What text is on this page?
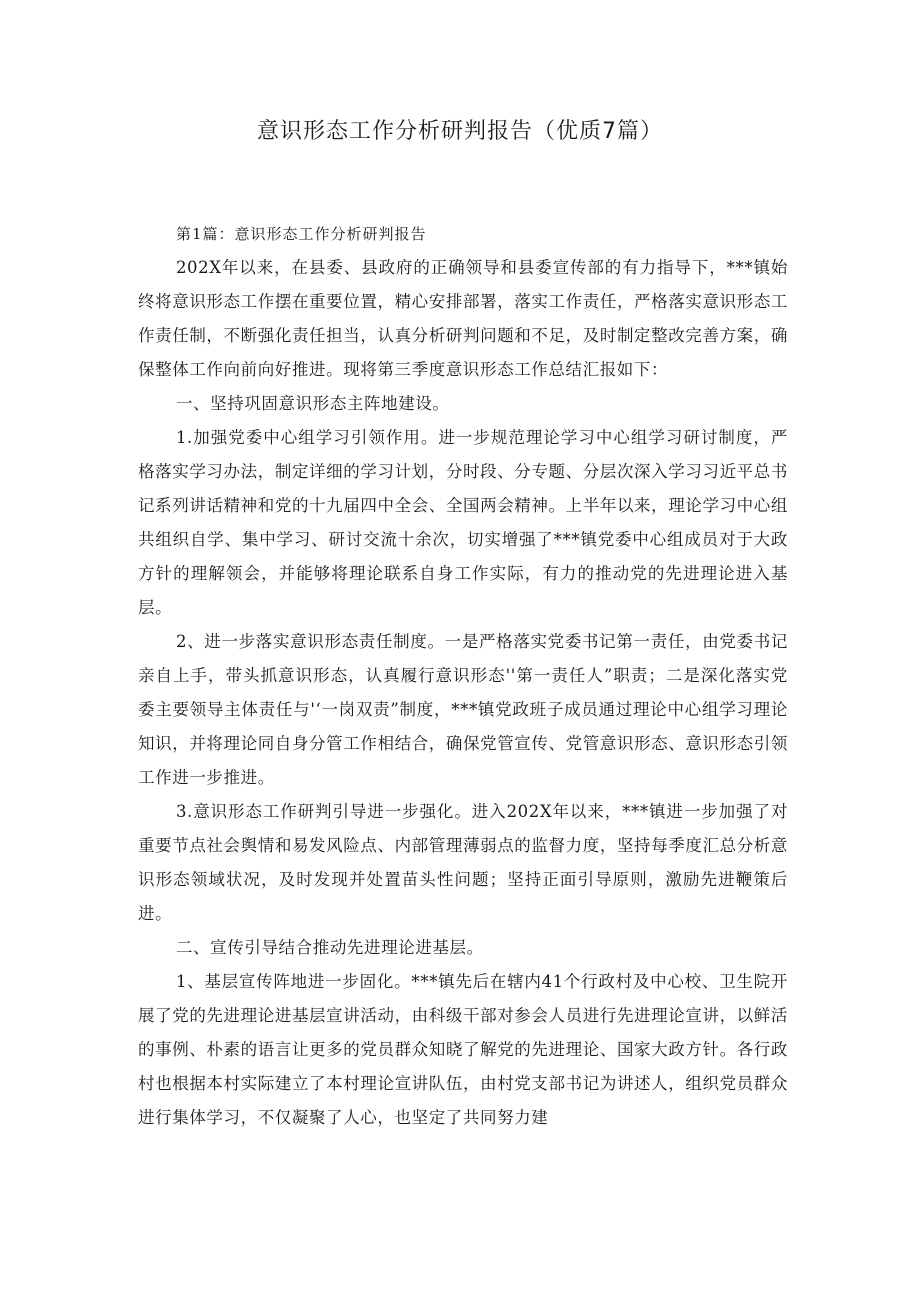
意识形态工作分析研判报告（优质7篇）

第1篇：意识形态工作分析研判报告

202X年以来，在县委、县政府的正确领导和县委宣传部的有力指导下，***镇始终将意识形态工作摆在重要位置，精心安排部署，落实工作责任，严格落实意识形态工作责任制，不断强化责任担当，认真分析研判问题和不足，及时制定整改完善方案，确保整体工作向前向好推进。现将第三季度意识形态工作总结汇报如下：

一、坚持巩固意识形态主阵地建设。

1.加强党委中心组学习引领作用。进一步规范理论学习中心组学习研讨制度，严格落实学习办法，制定详细的学习计划，分时段、分专题、分层次深入学习习近平总书记系列讲话精神和党的十九届四中全会、全国两会精神。上半年以来，理论学习中心组共组织自学、集中学习、研讨交流十余次，切实增强了***镇党委中心组成员对于大政方针的理解领会，并能够将理论联系自身工作实际，有力的推动党的先进理论进入基层。

2、进一步落实意识形态责任制度。一是严格落实党委书记第一责任，由党委书记亲自上手，带头抓意识形态，认真履行意识形态''第一责任人”职责；二是深化落实党委主要领导主体责任与'‘一岗双责”制度，***镇党政班子成员通过理论中心组学习理论知识，并将理论同自身分管工作相结合，确保党管宣传、党管意识形态、意识形态引领工作进一步推进。

3.意识形态工作研判引导进一步强化。进入202X年以来，***镇进一步加强了对重要节点社会舆情和易发风险点、内部管理薄弱点的监督力度，坚持每季度汇总分析意识形态领域状况，及时发现并处置苗头性问题；坚持正面引导原则，激励先进鞭策后进。

二、宣传引导结合推动先进理论进基层。

1、基层宣传阵地进一步固化。***镇先后在辖内41个行政村及中心校、卫生院开展了党的先进理论进基层宣讲活动，由科级干部对参会人员进行先进理论宣讲，以鲜活的事例、朴素的语言让更多的党员群众知晓了解党的先进理论、国家大政方针。各行政村也根据本村实际建立了本村理论宣讲队伍，由村党支部书记为讲述人，组织党员群众进行集体学习，不仅凝聚了人心，也坚定了共同努力建
